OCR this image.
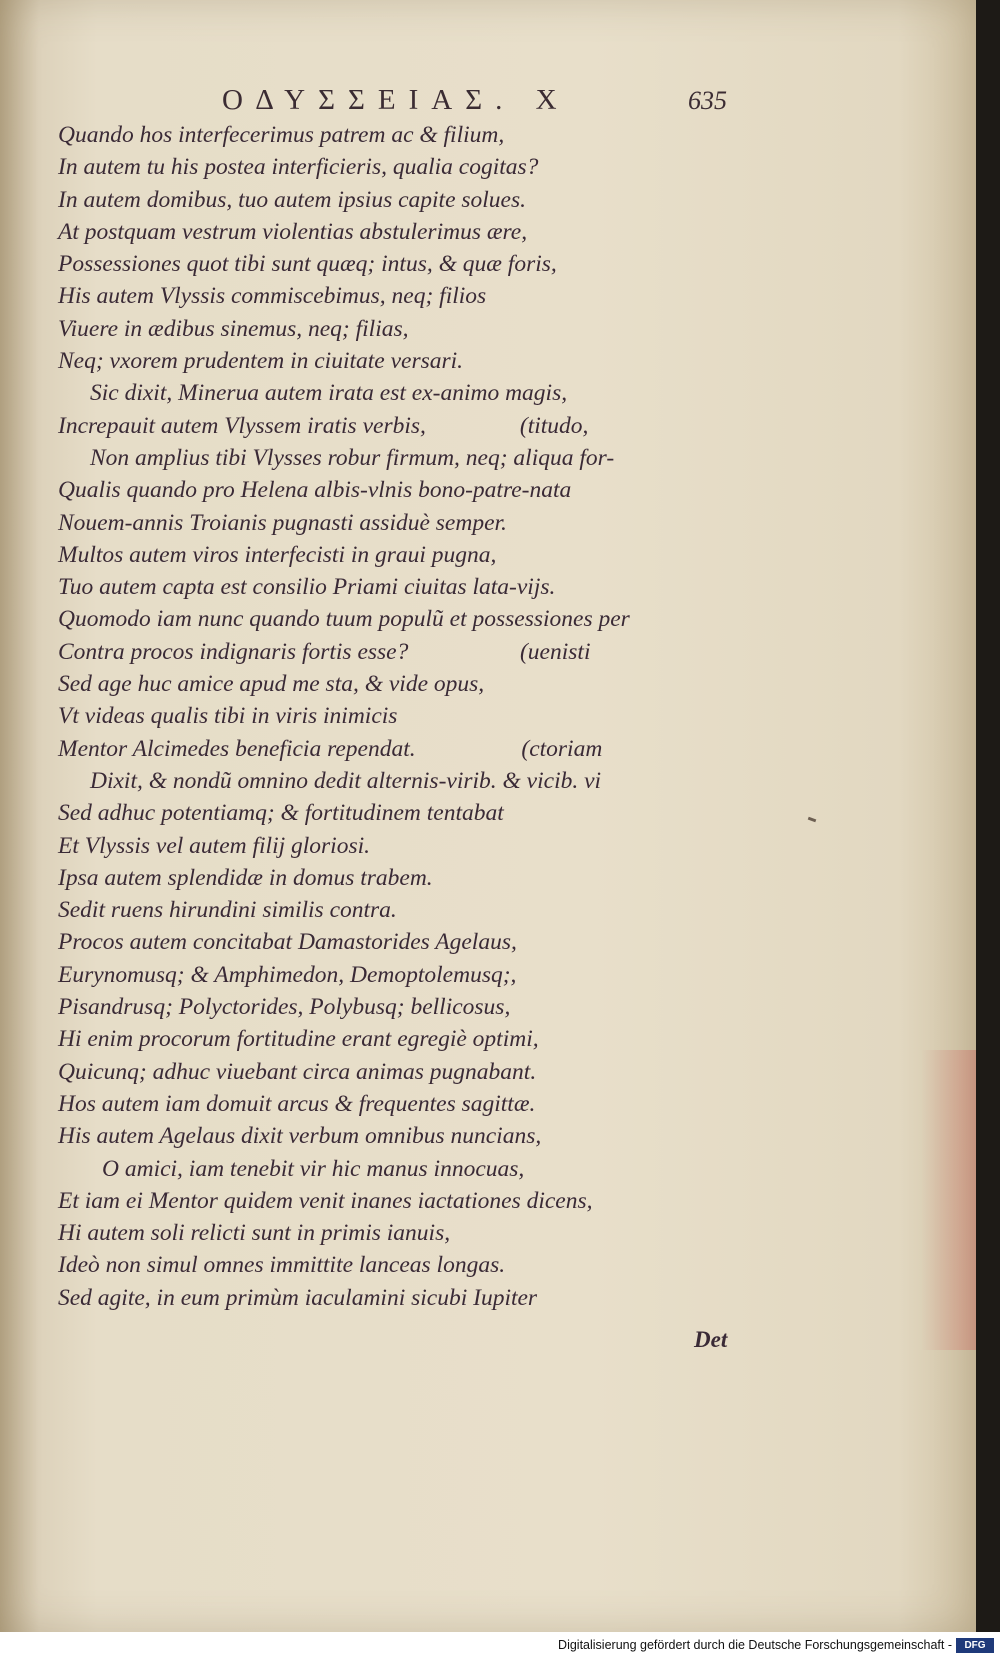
ΟΔΥΣΣΕΙΑΣ. Χ	635
Quando hos interfecerimus patrem ac & filium,
In autem tu his postea interficieris, qualia cogitas?
In autem domibus, tuo autem ipsius capite solues.
At postquam vestrum violentias abstulerimus ære,
Possessiones quot tibi sunt quæq; intus, & quæ foris,
His autem Vlyssis commiscebimus, neq; filios
Viuere in ædibus sinemus, neq; filias,
Neq; vxorem prudentem in ciuitate versari.
Sic dixit, Minerua autem irata est ex-animo magis,
Increpauit autem Vlyssem iratis verbis,                (titudo,
Non amplius tibi Vlysses robur firmum, neq; aliqua for-
Qualis quando pro Helena albis-vlnis bono-patre-nata
Nouem-annis Troianis pugnasti assiduè semper.
Multos autem viros interfecisti in graui pugna,
Tuo autem capta est consilio Priami ciuitas lata-vijs.
Quomodo iam nunc quando tuum populũ et possessiones per
Contra procos indignaris fortis esse?                   (uenisti
Sed age huc amice apud me sta, & vide opus,
Vt videas qualis tibi in viris inimicis
Mentor Alcimedes beneficia rependat.                  (ctoriam
Dixit, & nondũ omnino dedit alternis-virib. & vicib. vi
Sed adhuc potentiamq; & fortitudinem tentabat
Et Vlyssis vel autem filij gloriosi.
Ipsa autem splendidæ in domus trabem.
Sedit ruens hirundini similis contra.
Procos autem concitabat Damastorides Agelaus,
Eurynomusq; & Amphimedon, Demoptolemusq;,
Pisandrusq; Polyctorides, Polybusq; bellicosus,
Hi enim procorum fortitudine erant egregiè optimi,
Quicunq; adhuc viuebant circa animas pugnabant.
Hos autem iam domuit arcus & frequentes sagittæ.
His autem Agelaus dixit verbum omnibus nuncians,
O amici, iam tenebit vir hic manus innocuas,
Et iam ei Mentor quidem venit inanes iactationes dicens,
Hi autem soli relicti sunt in primis ianuis,
Ideò non simul omnes immittite lanceas longas.
Sed agite, in eum primùm iaculamini sicubi Iupiter
Det
Digitalisierung gefördert durch die Deutsche Forschungsgemeinschaft -	DFG
